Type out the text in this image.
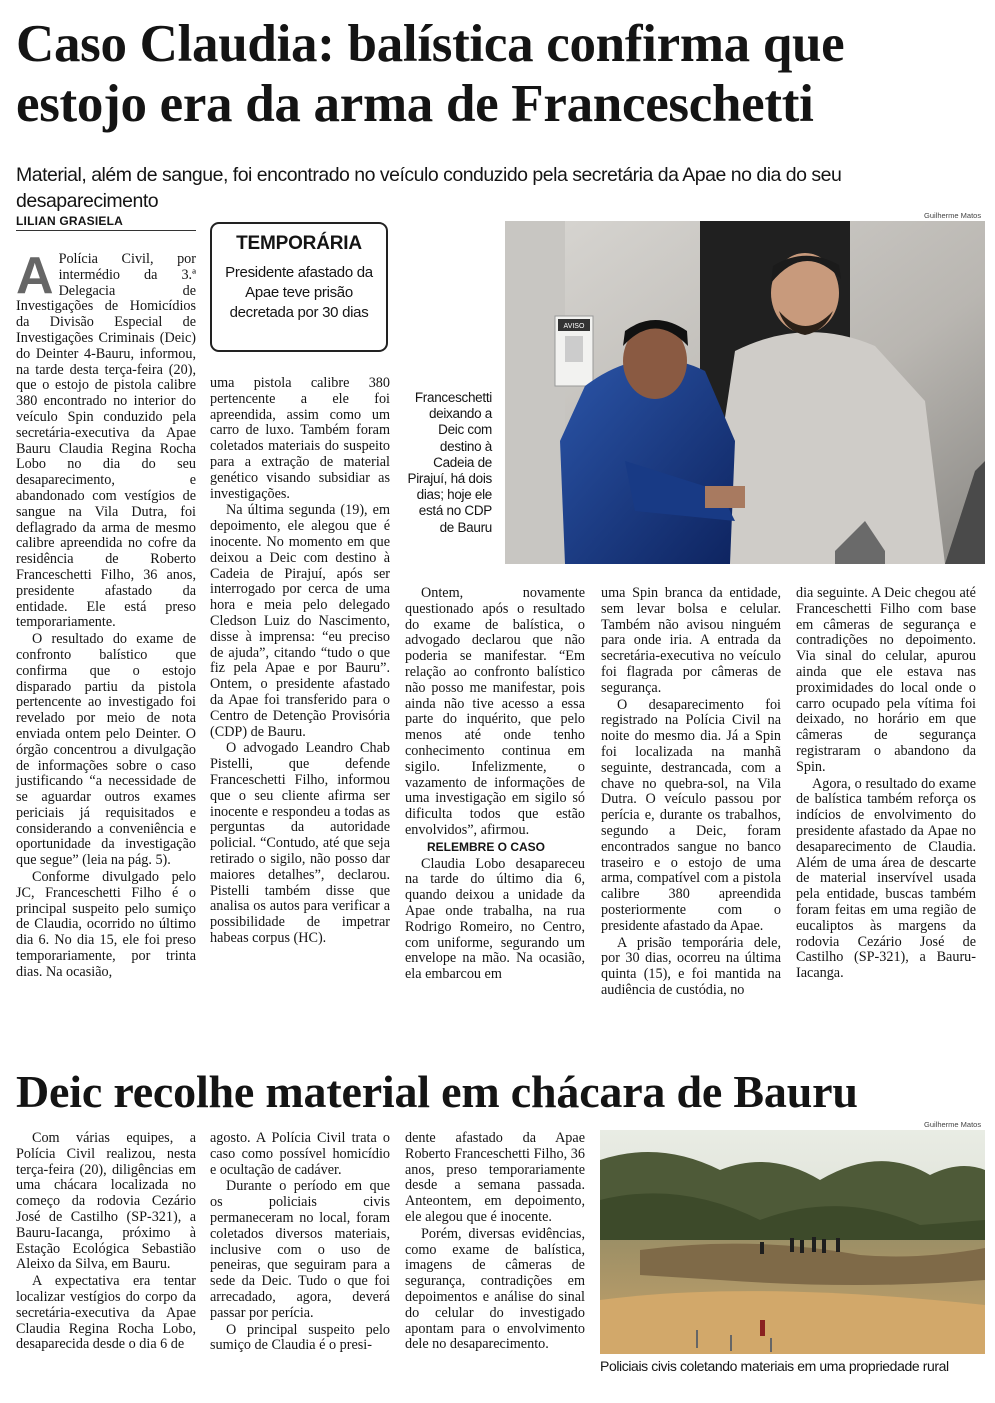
Caso Claudia: balística confirma que estojo era da arma de Franceschetti

Material, além de sangue, foi encontrado no veículo conduzido pela secretária da Apae no dia do seu desaparecimento

LILIAN GRASIELA
A Polícia Civil, por intermédio da 3.ª Delegacia de Investigações de Homicídios da Divisão Especial de Investigações Criminais (Deic) do Deinter 4-Bauru, informou, na tarde desta terça-feira (20), que o estojo de pistola calibre 380 encontrado no interior do veículo Spin conduzido pela secretária-executiva da Apae Bauru Claudia Regina Rocha Lobo no dia do seu desaparecimento, e abandonado com vestígios de sangue na Vila Dutra, foi deflagrado da arma de mesmo calibre apreendida no cofre da residência de Roberto Franceschetti Filho, 36 anos, presidente afastado da entidade. Ele está preso temporariamente.

O resultado do exame de confronto balístico que confirma que o estojo disparado partiu da pistola pertencente ao investigado foi revelado por meio de nota enviada ontem pelo Deinter. O órgão concentrou a divulgação de informações sobre o caso justificando “a necessidade de se aguardar outros exames periciais já requisitados e considerando a conveniência e oportunidade da investigação que segue” (leia na pág. 5).

Conforme divulgado pelo JC, Franceschetti Filho é o principal suspeito pelo sumiço de Claudia, ocorrido no último dia 6. No dia 15, ele foi preso temporariamente, por trinta dias. Na ocasião,

TEMPORÁRIA
Presidente afastado da Apae teve prisão decretada por 30 dias

uma pistola calibre 380 pertencente a ele foi apreendida, assim como um carro de luxo. Também foram coletados materiais do suspeito para a extração de material genético visando subsidiar as investigações.

Na última segunda (19), em depoimento, ele alegou que é inocente. No momento em que deixou a Deic com destino à Cadeia de Pirajuí, após ser interrogado por cerca de uma hora e meia pelo delegado Cledson Luiz do Nascimento, disse à imprensa: “eu preciso de ajuda”, citando “tudo o que fiz pela Apae e por Bauru”. Ontem, o presidente afastado da Apae foi transferido para o Centro de Detenção Provisória (CDP) de Bauru.

O advogado Leandro Chab Pistelli, que defende Franceschetti Filho, informou que o seu cliente afirma ser inocente e respondeu a todas as perguntas da autoridade policial. “Contudo, até que seja retirado o sigilo, não posso dar maiores detalhes”, declarou. Pistelli também disse que analisa os autos para verificar a possibilidade de impetrar habeas corpus (HC).

Guilherme Matos
AVISO
Franceschetti deixando a Deic com destino à Cadeia de Pirajuí, há dois dias; hoje ele está no CDP de Bauru

Ontem, novamente questionado após o resultado do exame de balística, o advogado declarou que não poderia se manifestar. “Em relação ao confronto balístico não posso me manifestar, pois ainda não tive acesso a essa parte do inquérito, que pelo menos até onde tenho conhecimento continua em sigilo. Infelizmente, o vazamento de informações de uma investigação em sigilo só dificulta todos que estão envolvidos”, afirmou.

RELEMBRE O CASO

Claudia Lobo desapareceu na tarde do último dia 6, quando deixou a unidade da Apae onde trabalha, na rua Rodrigo Romeiro, no Centro, com uniforme, segurando um envelope na mão. Na ocasião, ela embarcou em

uma Spin branca da entidade, sem levar bolsa e celular. Também não avisou ninguém para onde iria. A entrada da secretária-executiva no veículo foi flagrada por câmeras de segurança.

O desaparecimento foi registrado na Polícia Civil na noite do mesmo dia. Já a Spin foi localizada na manhã seguinte, destrancada, com a chave no quebra-sol, na Vila Dutra. O veículo passou por perícia e, durante os trabalhos, segundo a Deic, foram encontrados sangue no banco traseiro e o estojo de uma arma, compatível com a pistola calibre 380 apreendida posteriormente com o presidente afastado da Apae.

A prisão temporária dele, por 30 dias, ocorreu na última quinta (15), e foi mantida na audiência de custódia, no

dia seguinte. A Deic chegou até Franceschetti Filho com base em câmeras de segurança e contradições no depoimento. Via sinal do celular, apurou ainda que ele estava nas proximidades do local onde o carro ocupado pela vítima foi deixado, no horário em que câmeras de segurança registraram o abandono da Spin.

Agora, o resultado do exame de balística também reforça os indícios de envolvimento do presidente afastado da Apae no desaparecimento de Claudia. Além de uma área de descarte de material inservível usada pela entidade, buscas também foram feitas em uma região de eucaliptos às margens da rodovia Cezário José de Castilho (SP-321), a Bauru-Iacanga.

Deic recolhe material em chácara de Bauru

Com várias equipes, a Polícia Civil realizou, nesta terça-feira (20), diligências em uma chácara localizada no começo da rodovia Cezário José de Castilho (SP-321), a Bauru-Iacanga, próximo à Estação Ecológica Sebastião Aleixo da Silva, em Bauru.

A expectativa era tentar localizar vestígios do corpo da secretária-executiva da Apae Claudia Regina Rocha Lobo, desaparecida desde o dia 6 de

agosto. A Polícia Civil trata o caso como possível homicídio e ocultação de cadáver.

Durante o período em que os policiais civis permaneceram no local, foram coletados diversos materiais, inclusive com o uso de peneiras, que seguiram para a sede da Deic. Tudo o que foi arrecadado, agora, deverá passar por perícia.

O principal suspeito pelo sumiço de Claudia é o presi-

dente afastado da Apae Roberto Franceschetti Filho, 36 anos, preso temporariamente desde a semana passada. Anteontem, em depoimento, ele alegou que é inocente.

Porém, diversas evidências, como exame de balística, imagens de câmeras de segurança, contradições em depoimentos e análise do sinal do celular do investigado apontam para o envolvimento dele no desaparecimento.

Guilherme Matos
Policiais civis coletando materiais em uma propriedade rural
